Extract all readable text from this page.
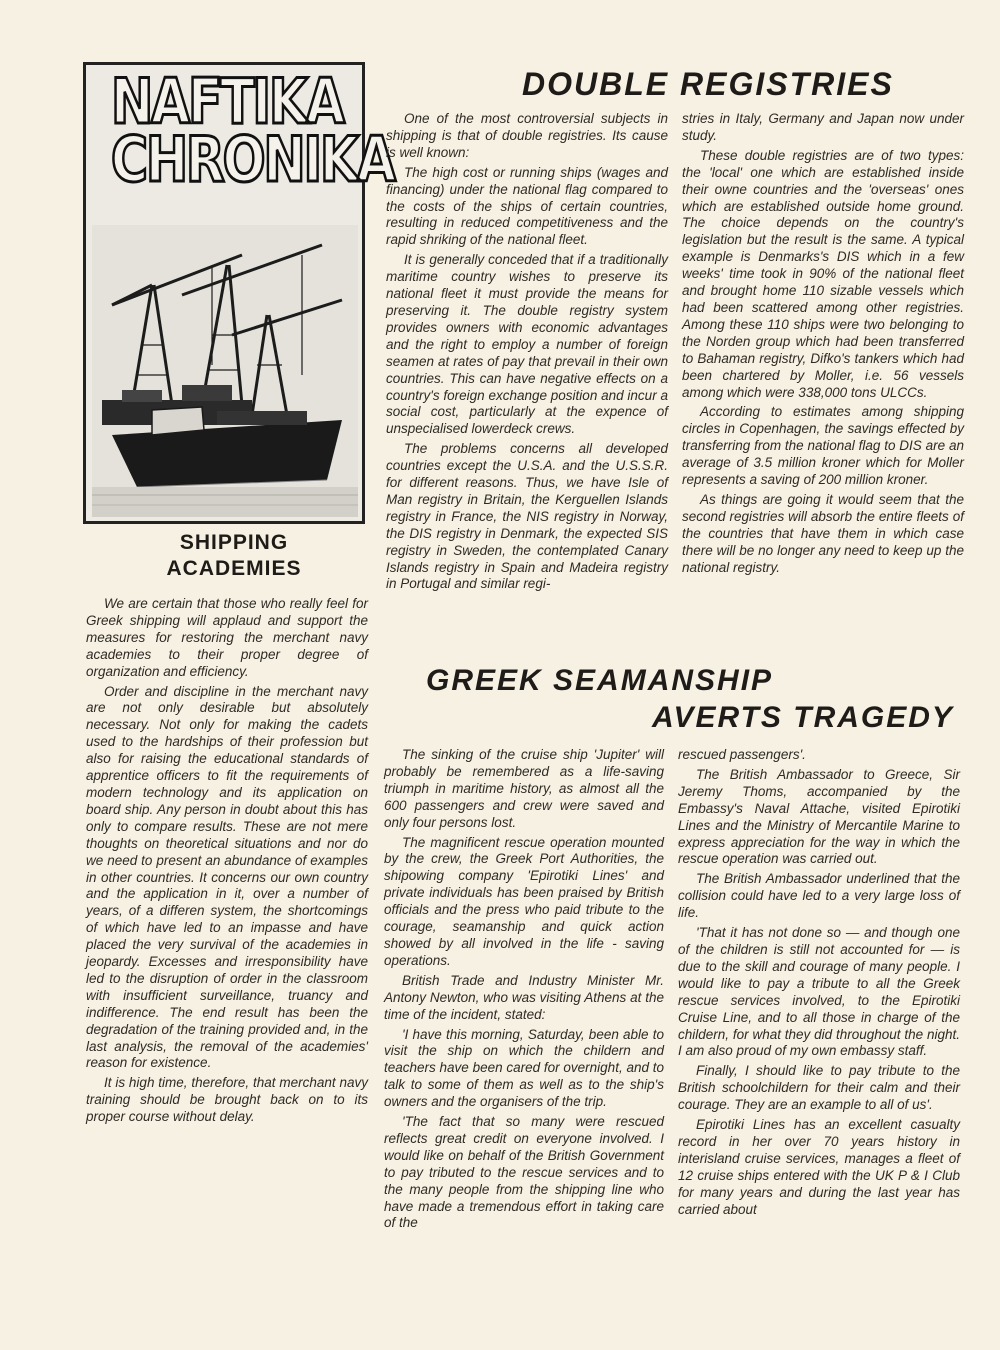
NAFTIKA
CHRONIKA
DOUBLE REGISTRIES
GREEK SEAMANSHIP
AVERTS TRAGEDY
SHIPPING
ACADEMIES

We are certain that those who really feel for Greek shipping will applaud and support the measures for restoring the merchant navy academies to their proper degree of organization and efficiency.

Order and discipline in the merchant navy are not only desirable but absolutely necessary. Not only for making the cadets used to the hardships of their profession but also for raising the educational standards of apprentice officers to fit the requirements of modern technology and its application on board ship. Any person in doubt about this has only to compare results. These are not mere thoughts on theoretical situations and nor do we need to present an abundance of examples in other countries. It concerns our own country and the application in it, over a number of years, of a differen system, the shortcomings of which have led to an impasse and have placed the very survival of the academies in jeopardy. Excesses and irresponsibility have led to the disruption of order in the classroom with insufficient surveillance, truancy and indifference. The end result has been the degradation of the training provided and, in the last analysis, the removal of the academies' reason for existence.

It is high time, therefore, that merchant navy training should be brought back on to its proper course without delay.

One of the most controversial subjects in shipping is that of double registries. Its cause is well known:

The high cost or running ships (wages and financing) under the national flag compared to the costs of the ships of certain countries, resulting in reduced competitiveness and the rapid shriking of the national fleet.

It is generally conceded that if a traditionally maritime country wishes to preserve its national fleet it must provide the means for preserving it. The double registry system provides owners with economic advantages and the right to employ a number of foreign seamen at rates of pay that prevail in their own countries. This can have negative effects on a country's foreign exchange position and incur a social cost, particularly at the expence of unspecialised lowerdeck crews.

The problems concerns all developed countries except the U.S.A. and the U.S.S.R. for different reasons. Thus, we have Isle of Man registry in Britain, the Kerguellen Islands registry in France, the NIS registry in Norway, the DIS registry in Denmark, the expected SIS registry in Sweden, the contemplated Canary Islands registry in Spain and Madeira registry in Portugal and similar regi-

stries in Italy, Germany and Japan now under study.

These double registries are of two types: the 'local' one which are established inside their owne countries and the 'overseas' ones which are established outside home ground. The choice depends on the country's legislation but the result is the same. A typical example is Denmarks's DIS which in a few weeks' time took in 90% of the national fleet and brought home 110 sizable vessels which had been scattered among other registries. Among these 110 ships were two belonging to the Norden group which had been transferred to Bahaman registry, Difko's tankers which had been chartered by Moller, i.e. 56 vessels among which were 338,000 tons ULCCs.

According to estimates among shipping circles in Copenhagen, the savings effected by transferring from the national flag to DIS are an average of 3.5 million kroner which for Moller represents a saving of 200 million kroner.

As things are going it would seem that the second registries will absorb the entire fleets of the countries that have them in which case there will be no longer any need to keep up the national registry.

The sinking of the cruise ship 'Jupiter' will probably be remembered as a life-saving triumph in maritime history, as almost all the 600 passengers and crew were saved and only four persons lost.

The magnificent rescue operation mounted by the crew, the Greek Port Authorities, the shipowing company 'Epirotiki Lines' and private individuals has been praised by British officials and the press who paid tribute to the courage, seamanship and quick action showed by all involved in the life - saving operations.

British Trade and Industry Minister Mr. Antony Newton, who was visiting Athens at the time of the incident, stated:

'I have this morning, Saturday, been able to visit the ship on which the childern and teachers have been cared for overnight, and to talk to some of them as well as to the ship's owners and the organisers of the trip.

'The fact that so many were rescued reflects great credit on everyone involved. I would like on behalf of the British Government to pay tributed to the rescue services and to the many people from the shipping line who have made a tremendous effort in taking care of the

rescued passengers'.

The British Ambassador to Greece, Sir Jeremy Thoms, accompanied by the Embassy's Naval Attache, visited Epirotiki Lines and the Ministry of Mercantile Marine to express appreciation for the way in which the rescue operation was carried out.

The British Ambassador underlined that the collision could have led to a very large loss of life.

'That it has not done so — and though one of the children is still not accounted for — is due to the skill and courage of many people. I would like to pay a tribute to all the Greek rescue services involved, to the Epirotiki Cruise Line, and to all those in charge of the childern, for what they did throughout the night. I am also proud of my own embassy staff.

Finally, I should like to pay tribute to the British schoolchildern for their calm and their courage. They are an example to all of us'.

Epirotiki Lines has an excellent casualty record in her over 70 years history in interisland cruise services, manages a fleet of 12 cruise ships entered with the UK P & I Club for many years and during the last year has carried about
